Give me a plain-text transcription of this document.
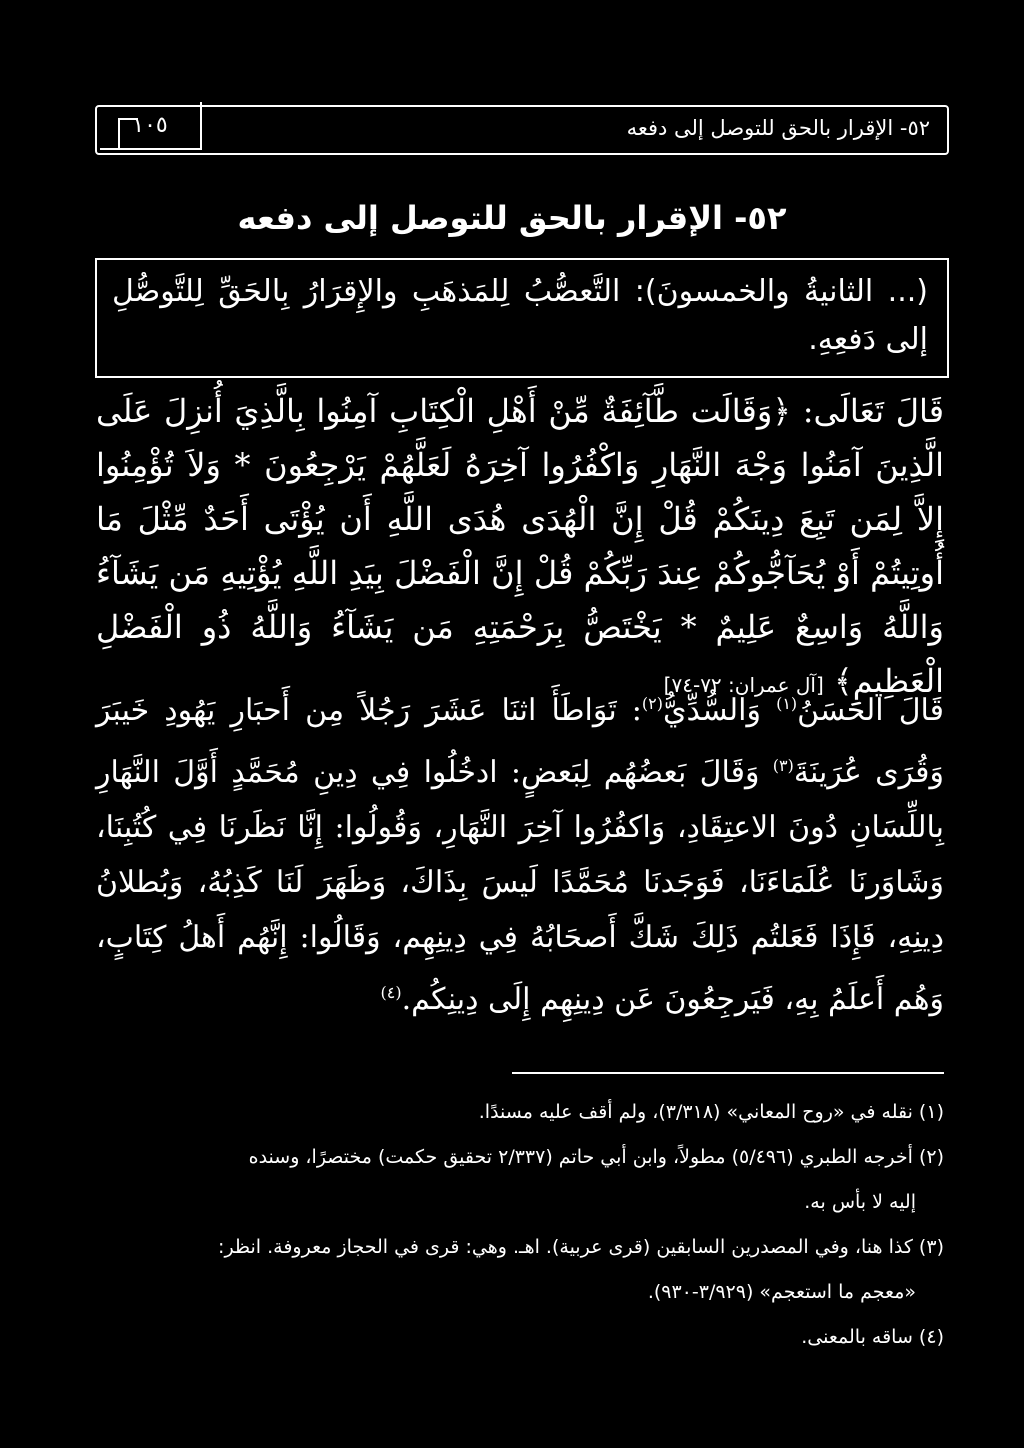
١٠٥	٥٢- الإقرار بالحق للتوصل إلى دفعه
٥٢- الإقرار بالحق للتوصل إلى دفعه
(... الثانيةُ والخمسونَ): التَّعصُّبُ لِلمَذهَبِ والإِقرَارُ بِالحَقِّ لِلتَّوصُّلِ إلى دَفعِهِ.
قَالَ تَعَالَى: ﴿وَقَالَت طَّآئِفَةٌ مِّنْ أَهْلِ الْكِتَابِ آمِنُوا بِالَّذِيَ أُنزِلَ عَلَى الَّذِينَ آمَنُوا وَجْهَ النَّهَارِ وَاكْفُرُوا آخِرَهُ لَعَلَّهُمْ يَرْجِعُونَ * وَلاَ تُؤْمِنُوا إِلاَّ لِمَن تَبِعَ دِينَكُمْ قُلْ إِنَّ الْهُدَى هُدَى اللَّهِ أَن يُؤْتَى أَحَدٌ مِّثْلَ مَا أُوتِيتُمْ أَوْ يُحَآجُّوكُمْ عِندَ رَبِّكُمْ قُلْ إِنَّ الْفَضْلَ بِيَدِ اللَّهِ يُؤْتِيهِ مَن يَشَآءُ وَاللَّهُ وَاسِعٌ عَلِيمٌ * يَخْتَصُّ بِرَحْمَتِهِ مَن يَشَآءُ وَاللَّهُ ذُو الْفَضْلِ الْعَظِيمِ﴾ [آل عمران: ٧٢-٧٤]
قَالَ الحَسَنُ$^{(١)}$ وَالسُّدِّيُّ$^{(٢)}$: تَوَاطَأَ اثنَا عَشَرَ رَجُلاً مِن أَحبَارِ يَهُودِ خَيبَرَ وَقُرَى عُرَينَةَ$^{(٣)}$ وَقَالَ بَعضُهُم لِبَعضٍ: ادخُلُوا فِي دِينِ مُحَمَّدٍ أَوَّلَ النَّهَارِ بِاللِّسَانِ دُونَ الاعتِقَادِ، وَاكفُرُوا آخِرَ النَّهَارِ، وَقُولُوا: إِنَّا نَظَرنَا فِي كُتُبِنَا، وَشَاوَرنَا عُلَمَاءَنَا، فَوَجَدنَا مُحَمَّدًا لَيسَ بِذَاكَ، وَظَهَرَ لَنَا كَذِبُهُ، وَبُطلانُ دِينِهِ، فَإِذَا فَعَلتُم ذَلِكَ شَكَّ أَصحَابُهُ فِي دِينِهِم، وَقَالُوا: إِنَّهُم أَهلُ كِتَابٍ، وَهُم أَعلَمُ بِهِ، فَيَرجِعُونَ عَن دِينِهِم إِلَى دِينِكُم.$^{(٤)}$
(١) نقله في «روح المعاني» (٣/٣١٨)، ولم أقف عليه مسندًا.
(٢) أخرجه الطبري (٥/٤٩٦) مطولاً، وابن أبي حاتم (٢/٣٣٧ تحقيق حكمت) مختصرًا، وسنده
إليه لا بأس به.
(٣) كذا هنا، وفي المصدرين السابقين (قرى عربية). اهـ. وهي: قرى في الحجاز معروفة. انظر:
«معجم ما استعجم» (٣/٩٢٩-٩٣٠).
(٤) ساقه بالمعنى.
